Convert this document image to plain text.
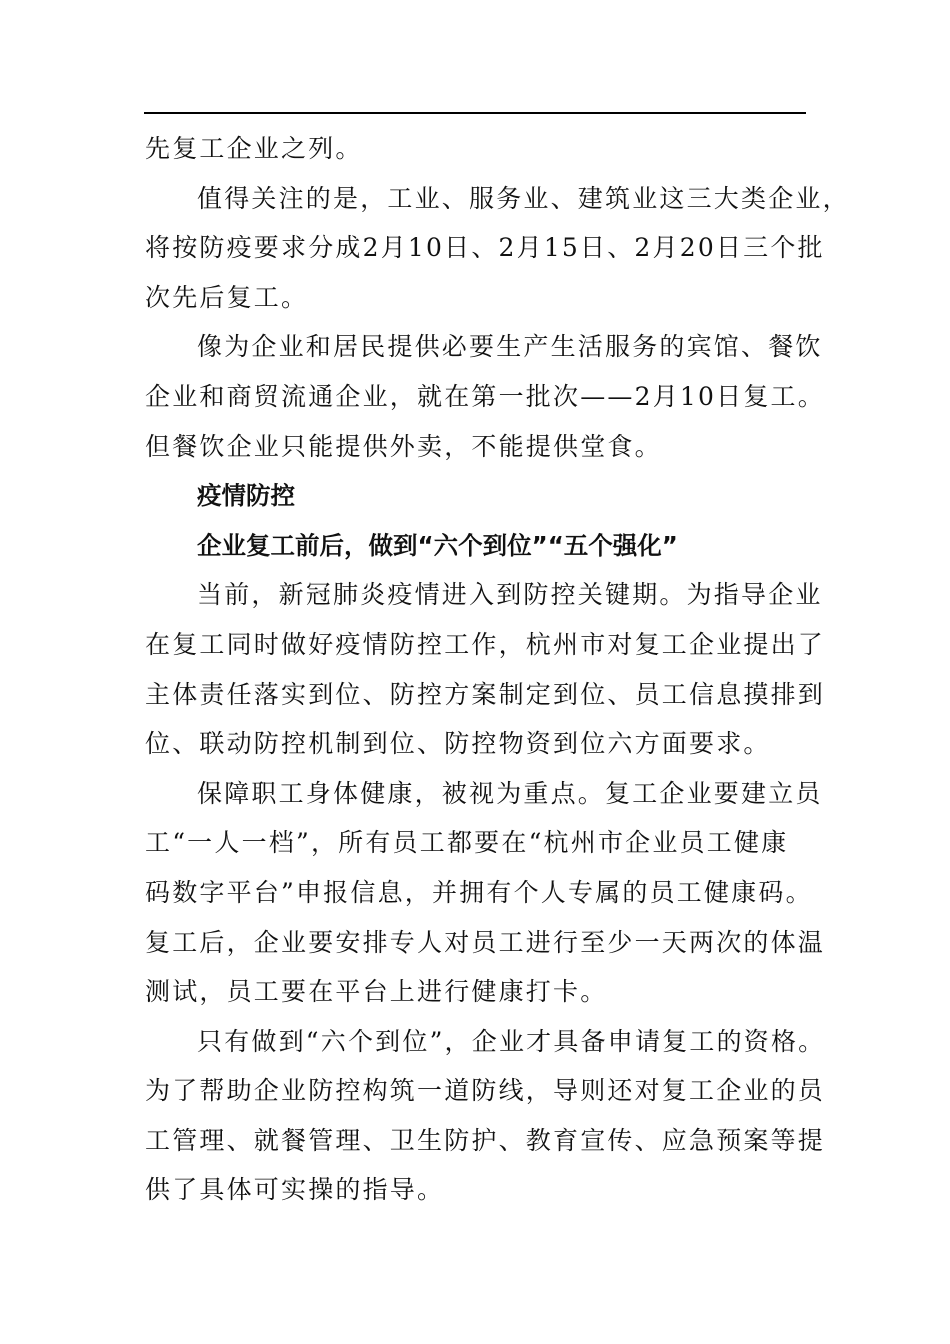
先复工企业之列。
值得关注的是，工业、服务业、建筑业这三大类企业，
将按防疫要求分成2月10日、2月15日、2月20日三个批
次先后复工。
像为企业和居民提供必要生产生活服务的宾馆、餐饮
企业和商贸流通企业，就在第一批次——2月10日复工。
但餐饮企业只能提供外卖，不能提供堂食。
疫情防控
企业复工前后，做到“六个到位”“五个强化”
当前，新冠肺炎疫情进入到防控关键期。为指导企业
在复工同时做好疫情防控工作，杭州市对复工企业提出了
主体责任落实到位、防控方案制定到位、员工信息摸排到
位、联动防控机制到位、防控物资到位六方面要求。
保障职工身体健康，被视为重点。复工企业要建立员
工“一人一档”，所有员工都要在“杭州市企业员工健康
码数字平台”申报信息，并拥有个人专属的员工健康码。
复工后，企业要安排专人对员工进行至少一天两次的体温
测试，员工要在平台上进行健康打卡。
只有做到“六个到位”，企业才具备申请复工的资格。
为了帮助企业防控构筑一道防线，导则还对复工企业的员
工管理、就餐管理、卫生防护、教育宣传、应急预案等提
供了具体可实操的指导。
